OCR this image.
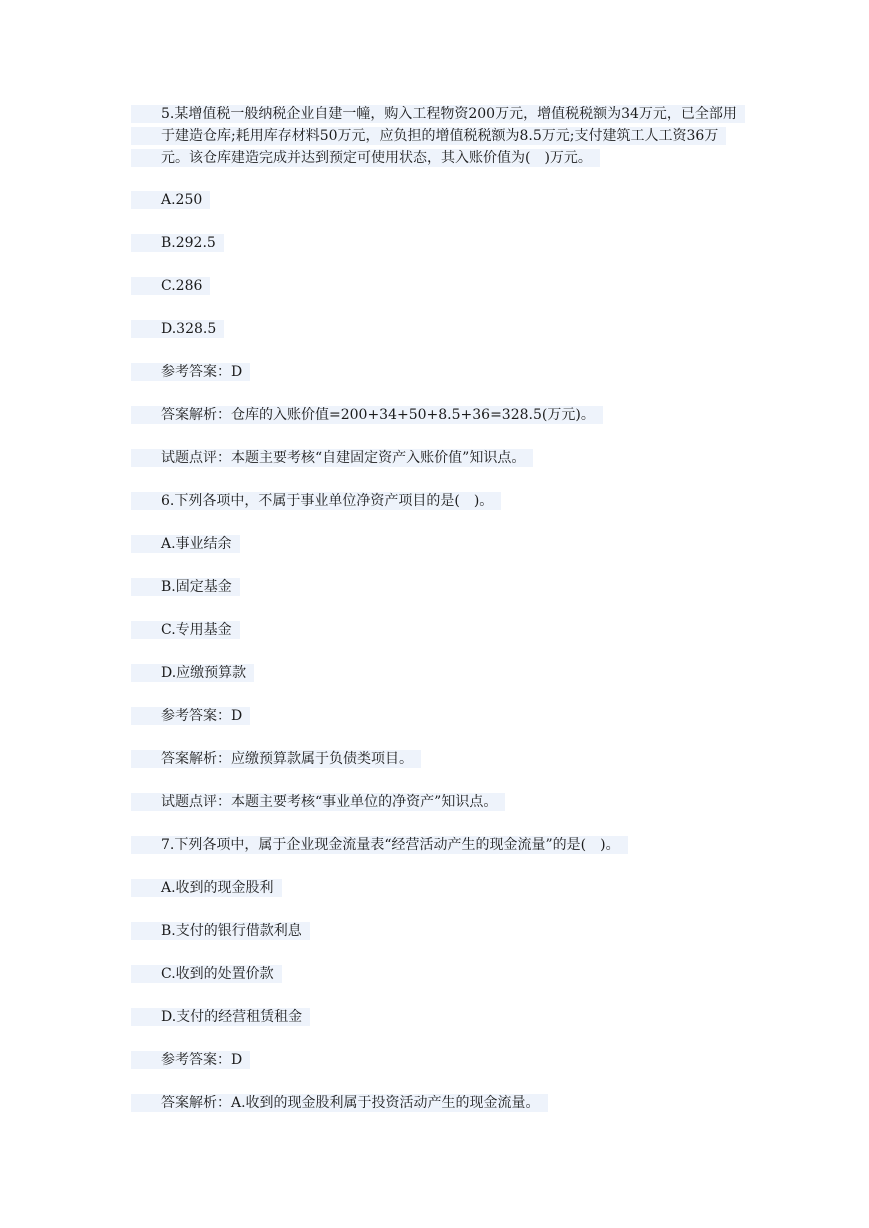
5.某增值税一般纳税企业自建一幢，购入工程物资200万元，增值税税额为34万元，已全部用于建造仓库;耗用库存材料50万元，应负担的增值税税额为8.5万元;支付建筑工人工资36万元。该仓库建造完成并达到预定可使用状态，其入账价值为(　)万元。
A.250
B.292.5
C.286
D.328.5
参考答案：D
答案解析：仓库的入账价值=200+34+50+8.5+36=328.5(万元)。
试题点评：本题主要考核“自建固定资产入账价值”知识点。
6.下列各项中，不属于事业单位净资产项目的是(　)。
A.事业结余
B.固定基金
C.专用基金
D.应缴预算款
参考答案：D
答案解析：应缴预算款属于负债类项目。
试题点评：本题主要考核“事业单位的净资产”知识点。
7.下列各项中，属于企业现金流量表“经营活动产生的现金流量”的是(　)。
A.收到的现金股利
B.支付的银行借款利息
C.收到的处置价款
D.支付的经营租赁租金
参考答案：D
答案解析：A.收到的现金股利属于投资活动产生的现金流量。
